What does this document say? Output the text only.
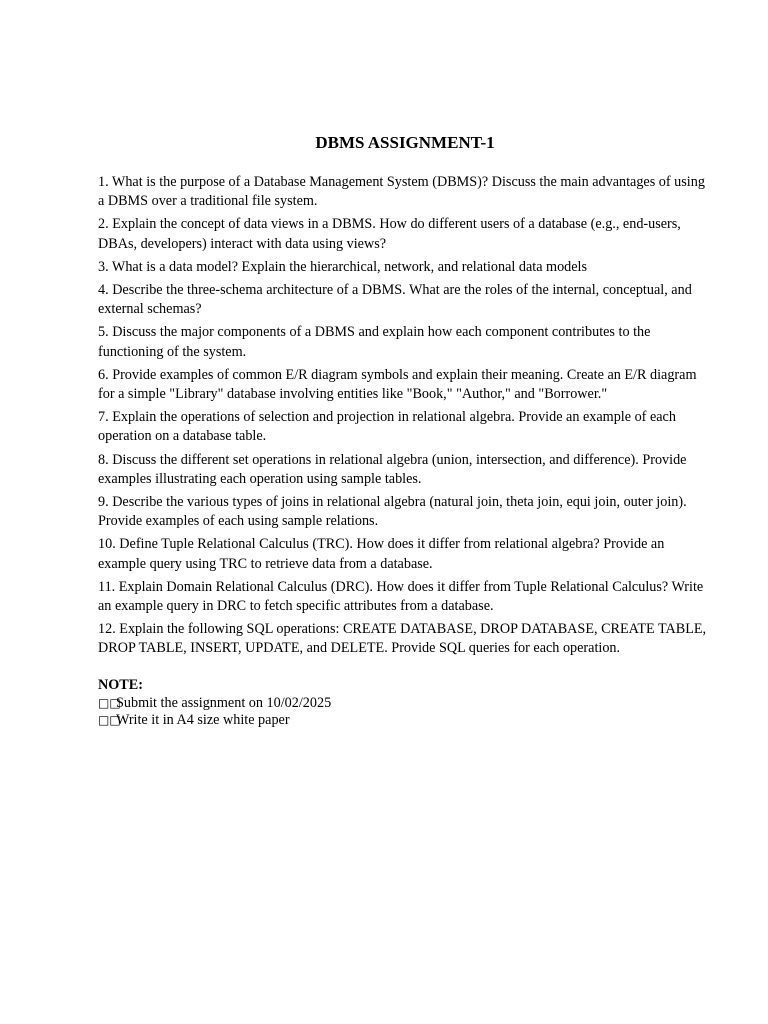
DBMS ASSIGNMENT-1
1. What is the purpose of a Database Management System (DBMS)? Discuss the main advantages of using a DBMS over a traditional file system.
2. Explain the concept of data views in a DBMS. How do different users of a database (e.g., end-users, DBAs, developers) interact with data using views?
3. What is a data model? Explain the hierarchical, network, and relational data models
4. Describe the three-schema architecture of a DBMS. What are the roles of the internal, conceptual, and external schemas?
5. Discuss the major components of a DBMS and explain how each component contributes to the functioning of the system.
6. Provide examples of common E/R diagram symbols and explain their meaning. Create an E/R diagram for a simple "Library" database involving entities like "Book," "Author," and "Borrower."
7. Explain the operations of selection and projection in relational algebra. Provide an example of each operation on a database table.
8. Discuss the different set operations in relational algebra (union, intersection, and difference). Provide examples illustrating each operation using sample tables.
9. Describe the various types of joins in relational algebra (natural join, theta join, equi join, outer join). Provide examples of each using sample relations.
10. Define Tuple Relational Calculus (TRC). How does it differ from relational algebra? Provide an example query using TRC to retrieve data from a database.
11. Explain Domain Relational Calculus (DRC). How does it differ from Tuple Relational Calculus? Write an example query in DRC to fetch specific attributes from a database.
12. Explain the following SQL operations: CREATE DATABASE, DROP DATABASE, CREATE TABLE, DROP TABLE, INSERT, UPDATE, and DELETE. Provide SQL queries for each operation.
NOTE:
□□Submit the assignment on 10/02/2025
□□Write it in A4 size white paper
